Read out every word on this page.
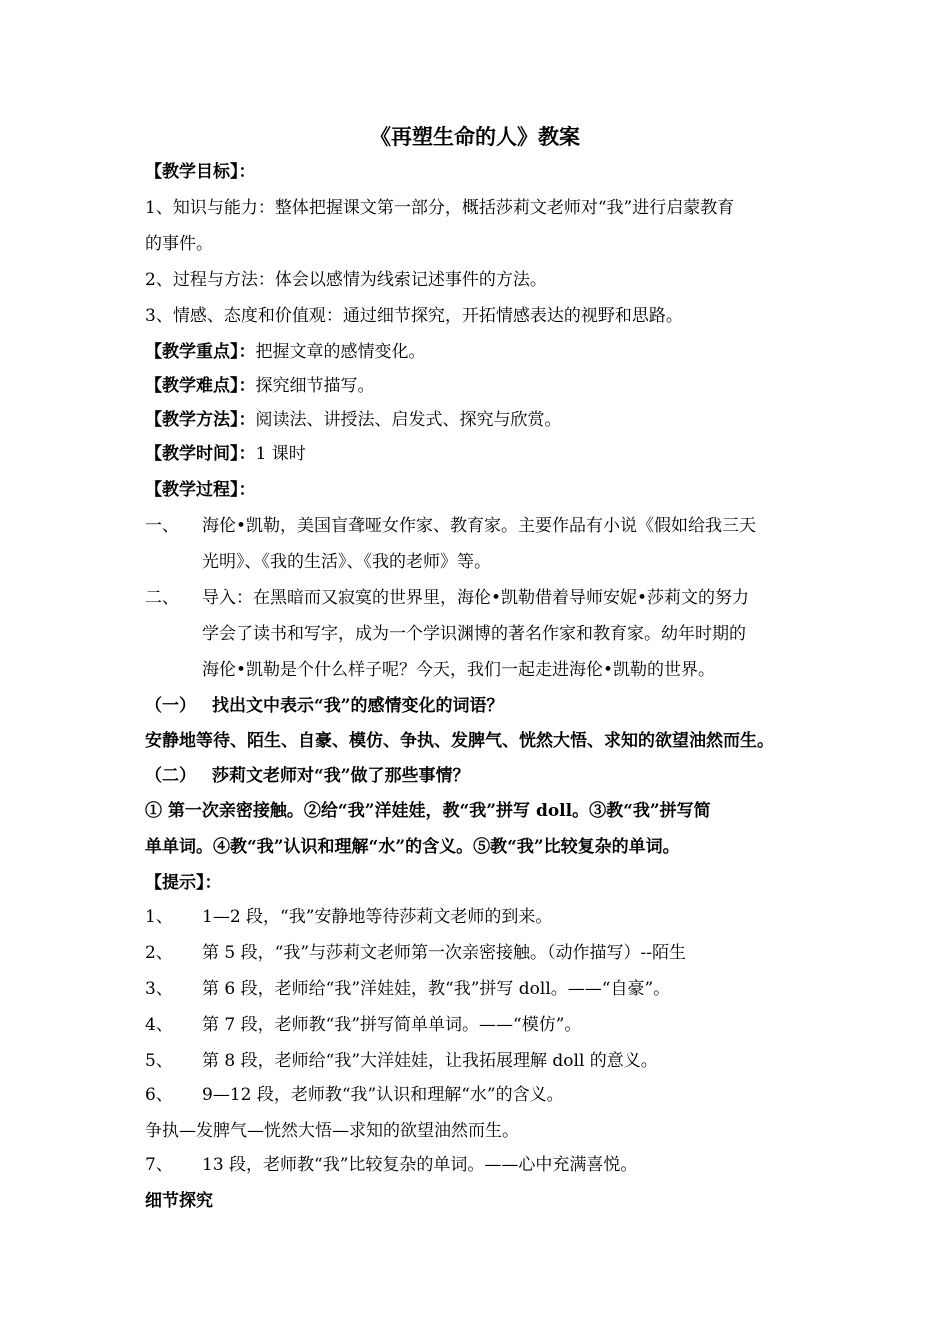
《再塑生命的人》教案
【教学目标】：
1、知识与能力：整体把握课文第一部分，概括莎莉文老师对“我”进行启蒙教育
的事件。
2、过程与方法：体会以感情为线索记述事件的方法。
3、情感、态度和价值观：通过细节探究，开拓情感表达的视野和思路。
【教学重点】：把握文章的感情变化。
【教学难点】：探究细节描写。
【教学方法】：阅读法、讲授法、启发式、探究与欣赏。
【教学时间】：1 课时
【教学过程】：
一、 海伦•凯勒，美国盲聋哑女作家、教育家。主要作品有小说《假如给我三天
光明》、《我的生活》、《我的老师》等。
二、 导入：在黑暗而又寂寞的世界里，海伦•凯勒借着导师安妮•莎莉文的努力
学会了读书和写字，成为一个学识渊博的著名作家和教育家。幼年时期的
海伦•凯勒是个什么样子呢？今天，我们一起走进海伦•凯勒的世界。
（一） 找出文中表示“我”的感情变化的词语？
安静地等待、陌生、自豪、模仿、争执、发脾气、恍然大悟、求知的欲望油然而生。
（二） 莎莉文老师对“我”做了那些事情？
① 第一次亲密接触。②给“我”洋娃娃，教“我”拼写 doll。③教“我”拼写简
单单词。④教“我”认识和理解“水”的含义。⑤教“我”比较复杂的单词。
【提示】：
1、 1—2 段，“我”安静地等待莎莉文老师的到来。
2、 第 5 段，“我”与莎莉文老师第一次亲密接触。（动作描写）--陌生
3、 第 6 段，老师给“我”洋娃娃，教“我”拼写 doll。——“自豪”。
4、 第 7 段，老师教“我”拼写简单单词。——“模仿”。
5、 第 8 段，老师给“我”大洋娃娃，让我拓展理解 doll 的意义。
6、 9—12 段，老师教“我”认识和理解“水”的含义。
争执—发脾气—恍然大悟—求知的欲望油然而生。
7、 13 段，老师教“我”比较复杂的单词。——心中充满喜悦。
细节探究
